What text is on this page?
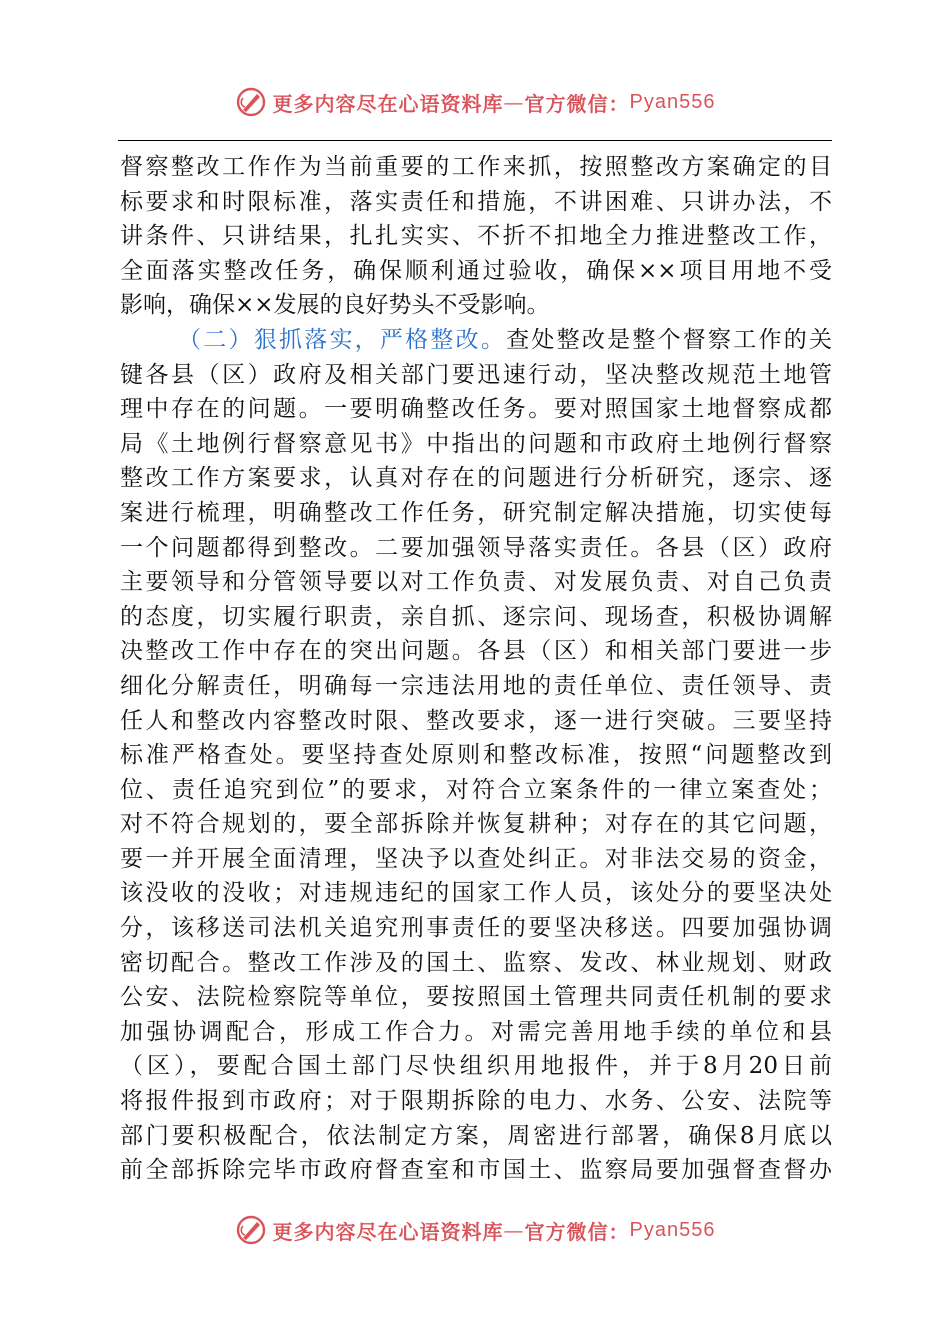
更多内容尽在心语资料库 — 官方微信： Pyan556
督察整改工作作为当前重要的工作来抓，按照整改方案确定的目
标要求和时限标准，落实责任和措施，不讲困难、只讲办法，不
讲条件、只讲结果，扎扎实实、不折不扣地全力推进整改工作，
全面落实整改任务，确保顺利通过验收，确保××项目用地不受
影响，确保××发展的良好势头不受影响。
（二）狠抓落实，严格整改。查处整改是整个督察工作的关
键各县（区）政府及相关部门要迅速行动，坚决整改规范土地管
理中存在的问题。一要明确整改任务。要对照国家土地督察成都
局《土地例行督察意见书》中指出的问题和市政府土地例行督察
整改工作方案要求，认真对存在的问题进行分析研究，逐宗、逐
案进行梳理，明确整改工作任务，研究制定解决措施，切实使每
一个问题都得到整改。二要加强领导落实责任。各县（区）政府
主要领导和分管领导要以对工作负责、对发展负责、对自己负责
的态度，切实履行职责，亲自抓、逐宗问、现场查，积极协调解
决整改工作中存在的突出问题。各县（区）和相关部门要进一步
细化分解责任，明确每一宗违法用地的责任单位、责任领导、责
任人和整改内容整改时限、整改要求，逐一进行突破。三要坚持
标准严格查处。要坚持查处原则和整改标准，按照“问题整改到
位、责任追究到位”的要求，对符合立案条件的一律立案查处；
对不符合规划的，要全部拆除并恢复耕种；对存在的其它问题，
要一并开展全面清理，坚决予以查处纠正。对非法交易的资金，
该没收的没收；对违规违纪的国家工作人员，该处分的要坚决处
分，该移送司法机关追究刑事责任的要坚决移送。四要加强协调
密切配合。整改工作涉及的国土、监察、发改、林业规划、财政
公安、法院检察院等单位，要按照国土管理共同责任机制的要求
加强协调配合，形成工作合力。对需完善用地手续的单位和县
（区），要配合国土部门尽快组织用地报件，并于8月20日前
将报件报到市政府；对于限期拆除的电力、水务、公安、法院等
部门要积极配合，依法制定方案，周密进行部署，确保8月底以
前全部拆除完毕市政府督查室和市国土、监察局要加强督查督办
更多内容尽在心语资料库 — 官方微信： Pyan556
